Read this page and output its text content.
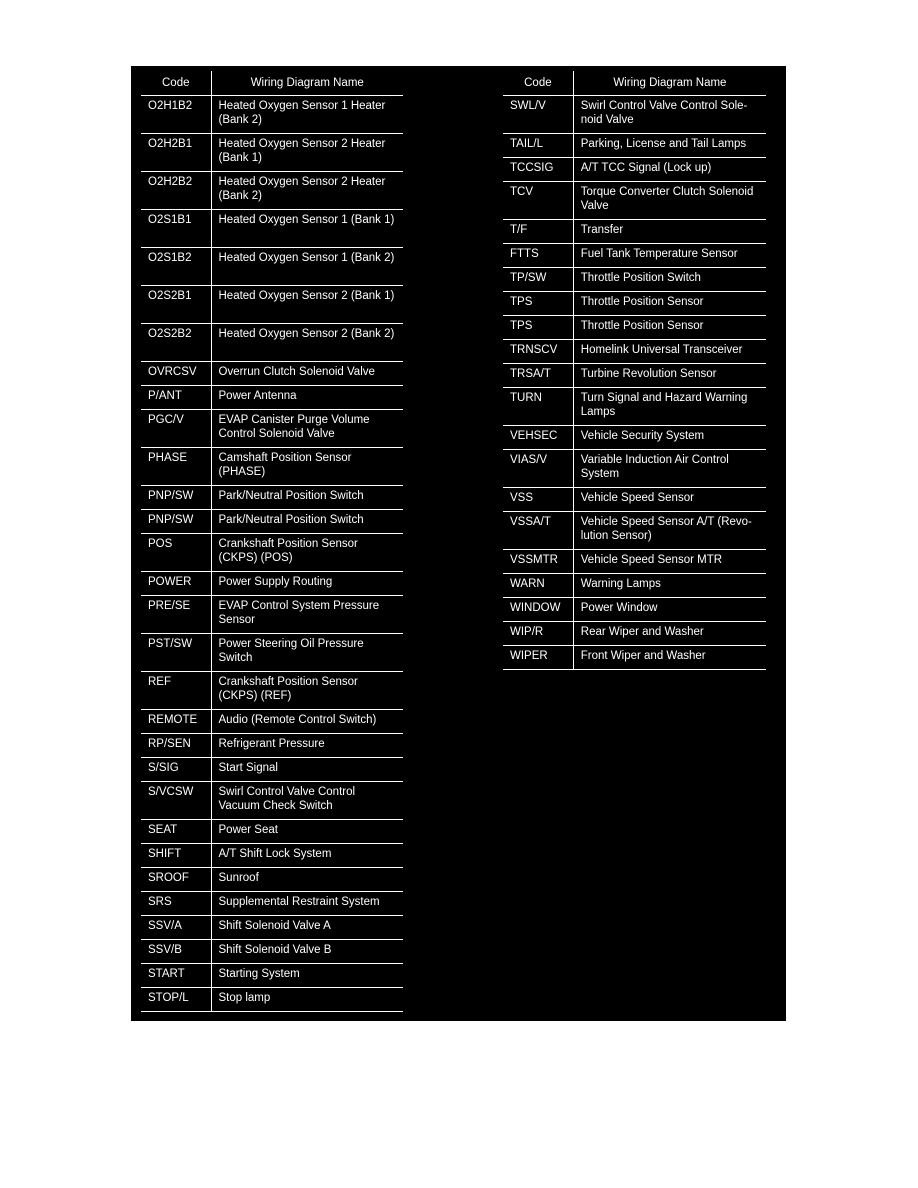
Code	Wiring Diagram Name
O2H1B2	Heated Oxygen Sensor 1 Heater (Bank 2)
O2H2B1	Heated Oxygen Sensor 2 Heater (Bank 1)
O2H2B2	Heated Oxygen Sensor 2 Heater (Bank 2)
O2S1B1	Heated Oxygen Sensor 1 (Bank 1)
O2S1B2	Heated Oxygen Sensor 1 (Bank 2)
O2S2B1	Heated Oxygen Sensor 2 (Bank 1)
O2S2B2	Heated Oxygen Sensor 2 (Bank 2)
OVRCSV	Overrun Clutch Solenoid Valve
P/ANT	Power Antenna
PGC/V	EVAP Canister Purge Volume Control Solenoid Valve
PHASE	Camshaft Position Sensor (PHASE)
PNP/SW	Park/Neutral Position Switch
PNP/SW	Park/Neutral Position Switch
POS	Crankshaft Position Sensor (CKPS) (POS)
POWER	Power Supply Routing
PRE/SE	EVAP Control System Pressure Sensor
PST/SW	Power Steering Oil Pressure Switch
REF	Crankshaft Position Sensor (CKPS) (REF)
REMOTE	Audio (Remote Control Switch)
RP/SEN	Refrigerant Pressure
S/SIG	Start Signal
S/VCSW	Swirl Control Valve Control Vacuum Check Switch
SEAT	Power Seat
SHIFT	A/T Shift Lock System
SROOF	Sunroof
SRS	Supplemental Restraint System
SSV/A	Shift Solenoid Valve A
SSV/B	Shift Solenoid Valve B
START	Starting System
STOP/L	Stop lamp
Code	Wiring Diagram Name
SWL/V	Swirl Control Valve Control Sole-noid Valve
TAIL/L	Parking, License and Tail Lamps
TCCSIG	A/T TCC Signal (Lock up)
TCV	Torque Converter Clutch Solenoid Valve
T/F	Transfer
FTTS	Fuel Tank Temperature Sensor
TP/SW	Throttle Position Switch
TPS	Throttle Position Sensor
TPS	Throttle Position Sensor
TRNSCV	Homelink Universal Transceiver
TRSA/T	Turbine Revolution Sensor
TURN	Turn Signal and Hazard Warning Lamps
VEHSEC	Vehicle Security System
VIAS/V	Variable Induction Air Control System
VSS	Vehicle Speed Sensor
VSSA/T	Vehicle Speed Sensor A/T (Revo-lution Sensor)
VSSMTR	Vehicle Speed Sensor MTR
WARN	Warning Lamps
WINDOW	Power Window
WIP/R	Rear Wiper and Washer
WIPER	Front Wiper and Washer
